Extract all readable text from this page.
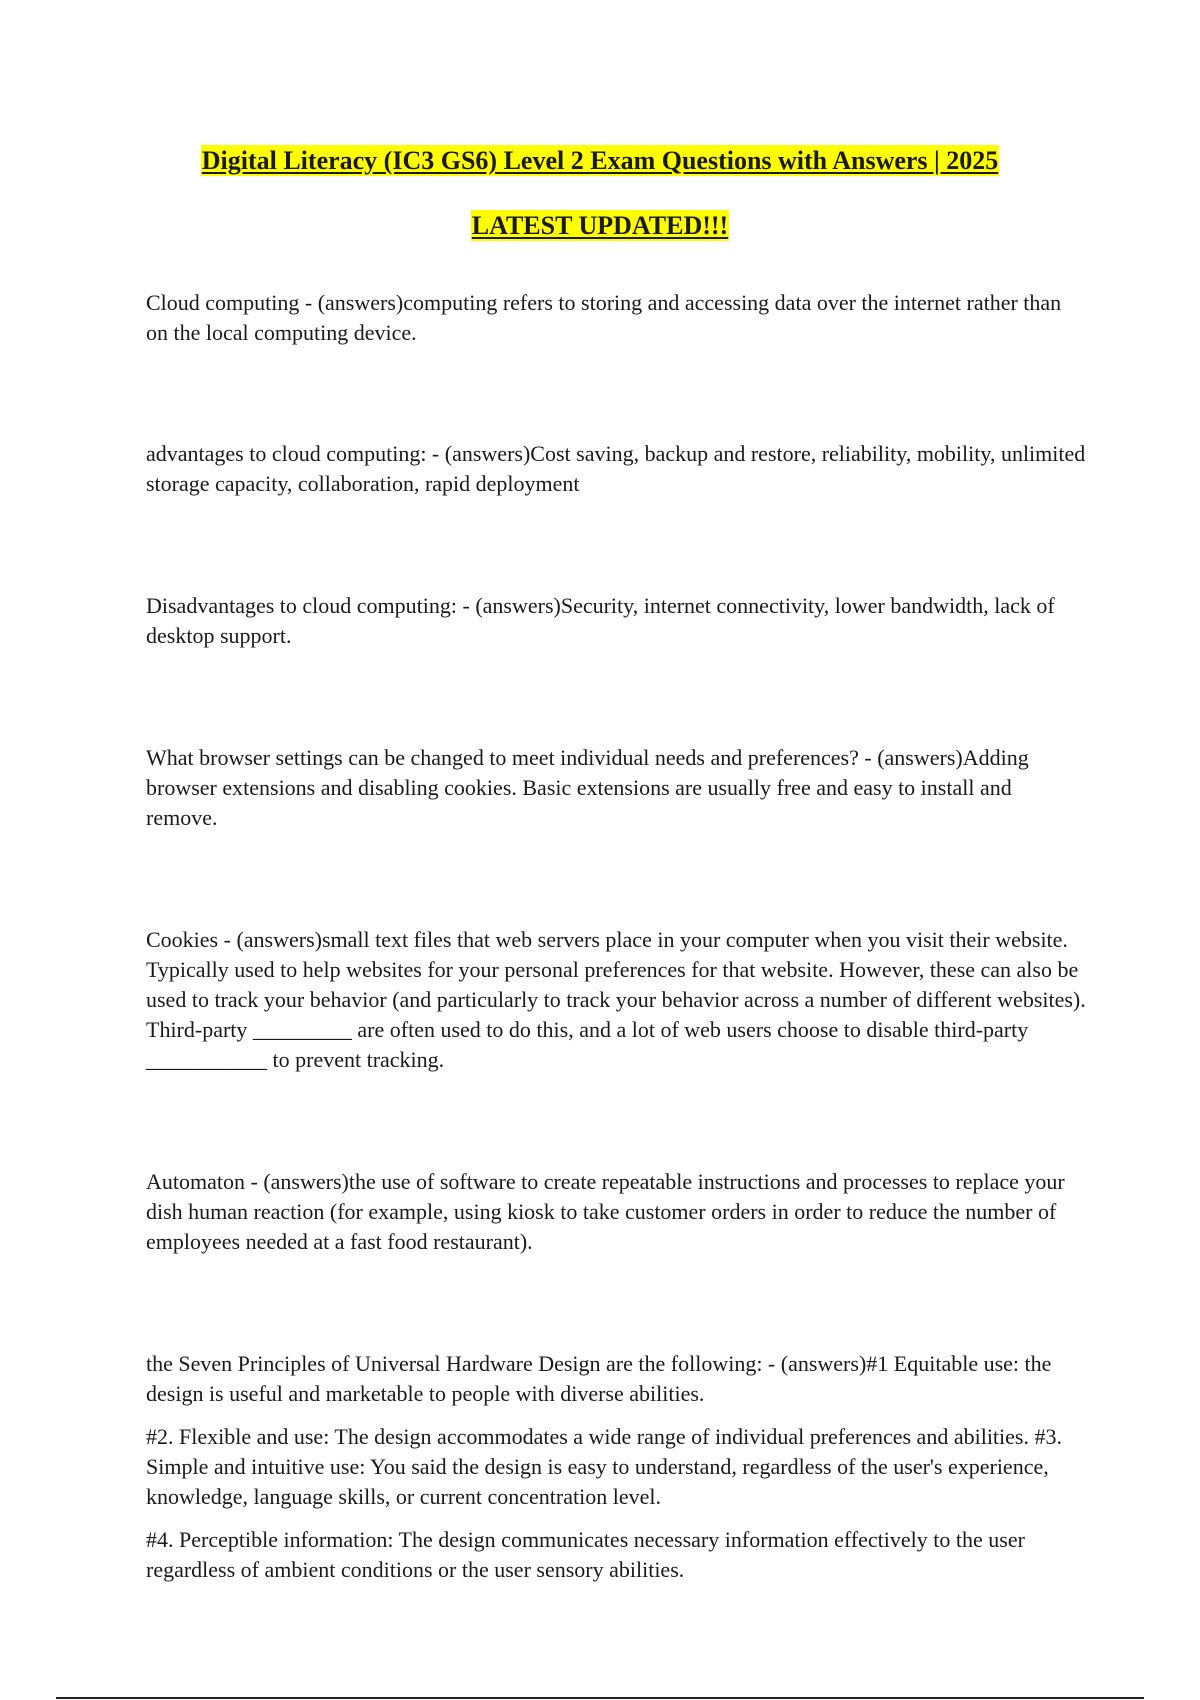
Digital Literacy (IC3 GS6) Level 2 Exam Questions with Answers | 2025
LATEST UPDATED!!!

Cloud computing - (answers)computing refers to storing and accessing data over the internet rather than on the local computing device.

advantages to cloud computing: - (answers)Cost saving, backup and restore, reliability, mobility, unlimited storage capacity, collaboration, rapid deployment

Disadvantages to cloud computing: - (answers)Security, internet connectivity, lower bandwidth, lack of desktop support.

What browser settings can be changed to meet individual needs and preferences? - (answers)Adding browser extensions and disabling cookies. Basic extensions are usually free and easy to install and remove.

Cookies - (answers)small text files that web servers place in your computer when you visit their website. Typically used to help websites for your personal preferences for that website. However, these can also be used to track your behavior (and particularly to track your behavior across a number of different websites). Third-party _________ are often used to do this, and a lot of web users choose to disable third-party ___________ to prevent tracking.

Automaton - (answers)the use of software to create repeatable instructions and processes to replace your dish human reaction (for example, using kiosk to take customer orders in order to reduce the number of employees needed at a fast food restaurant).

the Seven Principles of Universal Hardware Design are the following: - (answers)#1 Equitable use: the design is useful and marketable to people with diverse abilities.

#2. Flexible and use: The design accommodates a wide range of individual preferences and abilities. #3. Simple and intuitive use: You said the design is easy to understand, regardless of the user's experience, knowledge, language skills, or current concentration level.

#4. Perceptible information: The design communicates necessary information effectively to the user regardless of ambient conditions or the user sensory abilities.
